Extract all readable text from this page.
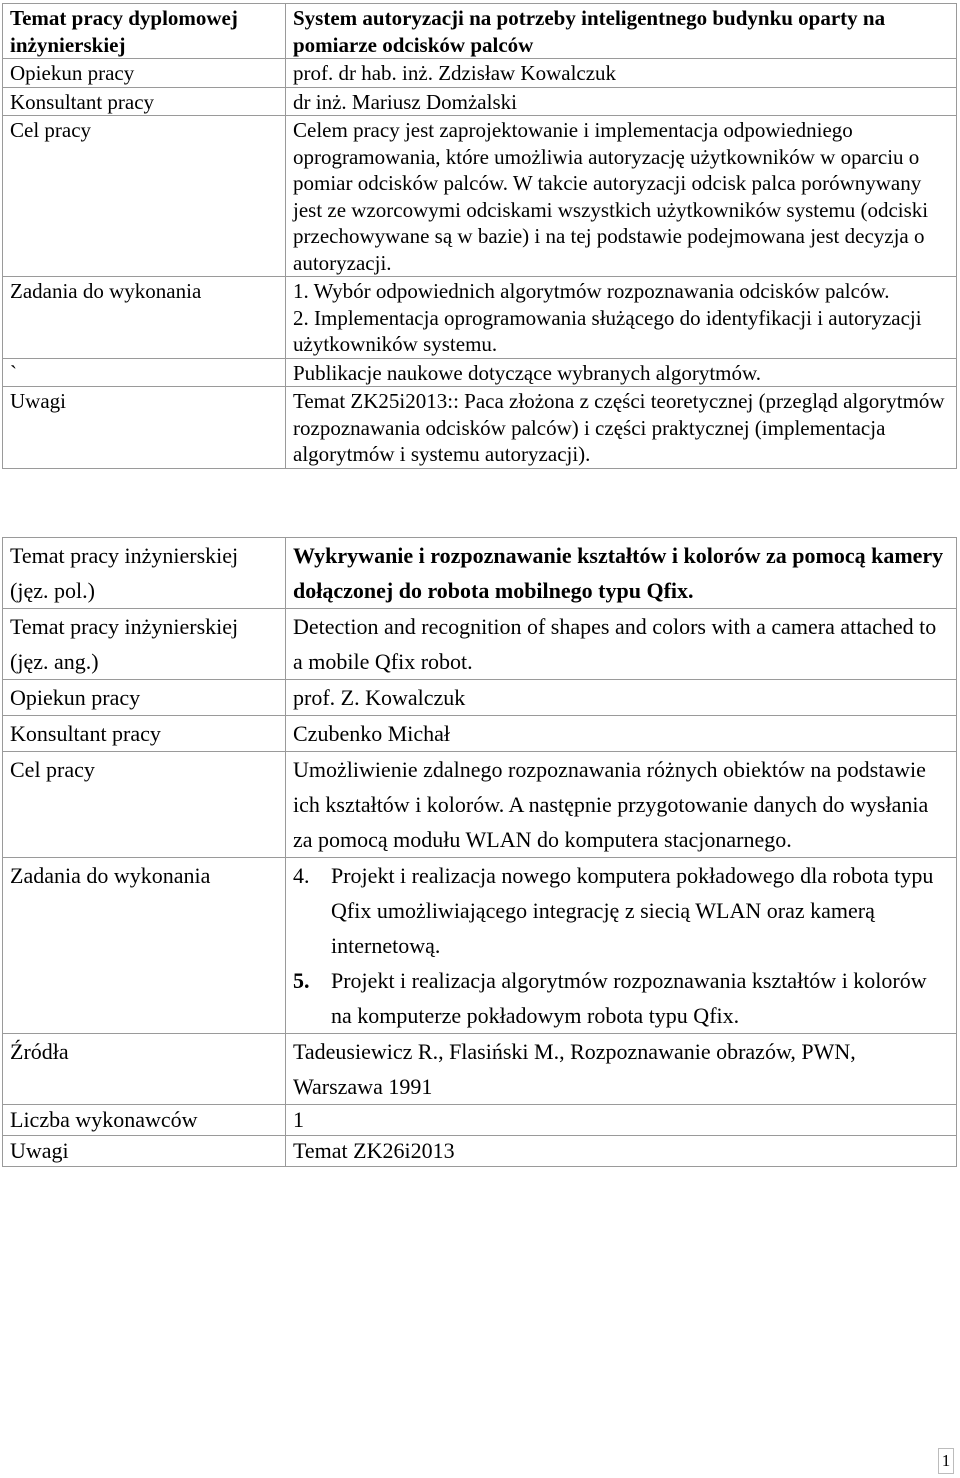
Temat pracy dyplomowej inżynierskiej	System autoryzacji na potrzeby inteligentnego budynku oparty na
pomiarze odcisków palców

Opiekun pracy	prof. dr hab. inż. Zdzisław Kowalczuk
Konsultant pracy	dr inż. Mariusz Domżalski
Cel pracy	Celem pracy jest zaprojektowanie i implementacja odpowiedniego oprogramowania, które umożliwia autoryzację użytkowników w oparciu o pomiar odcisków palców. W takcie autoryzacji odcisk palca porównywany jest ze wzorcowymi odciskami wszystkich użytkowników systemu (odciski przechowywane są w bazie) i na tej podstawie podejmowana jest decyzja o autoryzacji.
Zadania do wykonania	1. Wybór odpowiednich algorytmów rozpoznawania odcisków palców.
2. Implementacja oprogramowania służącego do identyfikacji i autoryzacji użytkowników systemu.

`	Publikacje naukowe dotyczące wybranych algorytmów.
Uwagi	Temat ZK25i2013:: Paca złożona z części teoretycznej (przegląd algorytmów rozpoznawania odcisków palców) i części praktycznej (implementacja algorytmów i systemu autoryzacji).
Temat pracy inżynierskiej (jęz. pol.)	Wykrywanie i rozpoznawanie kształtów i kolorów za pomocą kamery dołączonej do robota mobilnego typu Qfix.
Temat pracy inżynierskiej (jęz. ang.)	Detection and recognition of shapes and colors with a camera attached to a mobile Qfix robot.
Opiekun pracy	prof. Z. Kowalczuk
Konsultant pracy	Czubenko Michał
Cel pracy	Umożliwienie zdalnego rozpoznawania różnych obiektów na podstawie ich kształtów i kolorów. A następnie przygotowanie danych do wysłania za pomocą modułu WLAN do komputera stacjonarnego.
Zadania do wykonania	4. Projekt i realizacja nowego komputera pokładowego dla robota typu Qfix umożliwiającego integrację z siecią WLAN oraz kamerą internetową.
5. Projekt i realizacja algorytmów rozpoznawania kształtów i kolorów na komputerze pokładowym robota typu Qfix.

Źródła	Tadeusiewicz R., Flasiński M., Rozpoznawanie obrazów, PWN, Warszawa 1991
Liczba wykonawców	1
Uwagi	Temat ZK26i2013
1
